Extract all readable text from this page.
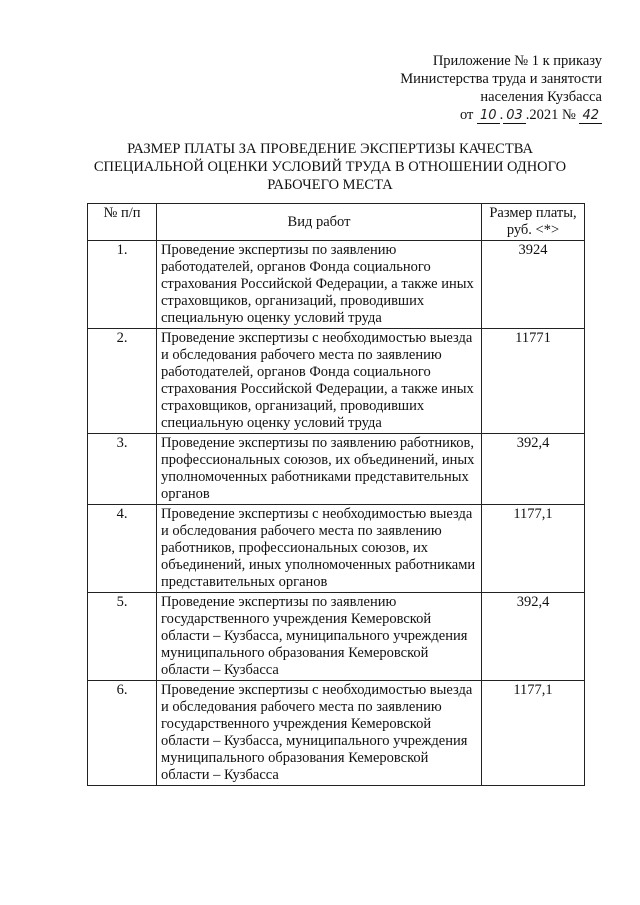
Приложение № 1 к приказу
Министерства труда и занятости
населения Кузбасса
от 10 . 03 .2021 № 42
РАЗМЕР ПЛАТЫ ЗА ПРОВЕДЕНИЕ ЭКСПЕРТИЗЫ КАЧЕСТВА
СПЕЦИАЛЬНОЙ ОЦЕНКИ УСЛОВИЙ ТРУДА В ОТНОШЕНИИ ОДНОГО
РАБОЧЕГО МЕСТА
№ п/п	Вид работ	Размер платы, руб. <*>
1.	Проведение экспертизы по заявлению работодателей, органов Фонда социального страхования Российской Федерации, а также иных страховщиков, организаций, проводивших специальную оценку условий труда	3924
2.	Проведение экспертизы с необходимостью выезда и обследования рабочего места по заявлению работодателей, органов Фонда социального страхования Российской Федерации, а также иных страховщиков, организаций, проводивших специальную оценку условий труда	11771
3.	Проведение экспертизы по заявлению работников, профессиональных союзов, их объединений, иных уполномоченных работниками представительных органов	392,4
4.	Проведение экспертизы с необходимостью выезда и обследования рабочего места по заявлению работников, профессиональных союзов, их объединений, иных уполномоченных работниками представительных органов	1177,1
5.	Проведение экспертизы по заявлению государственного учреждения Кемеровской области – Кузбасса, муниципального учреждения муниципального образования Кемеровской области – Кузбасса	392,4
6.	Проведение экспертизы с необходимостью выезда и обследования рабочего места по заявлению государственного учреждения Кемеровской области – Кузбасса, муниципального учреждения муниципального образования Кемеровской области – Кузбасса	1177,1
